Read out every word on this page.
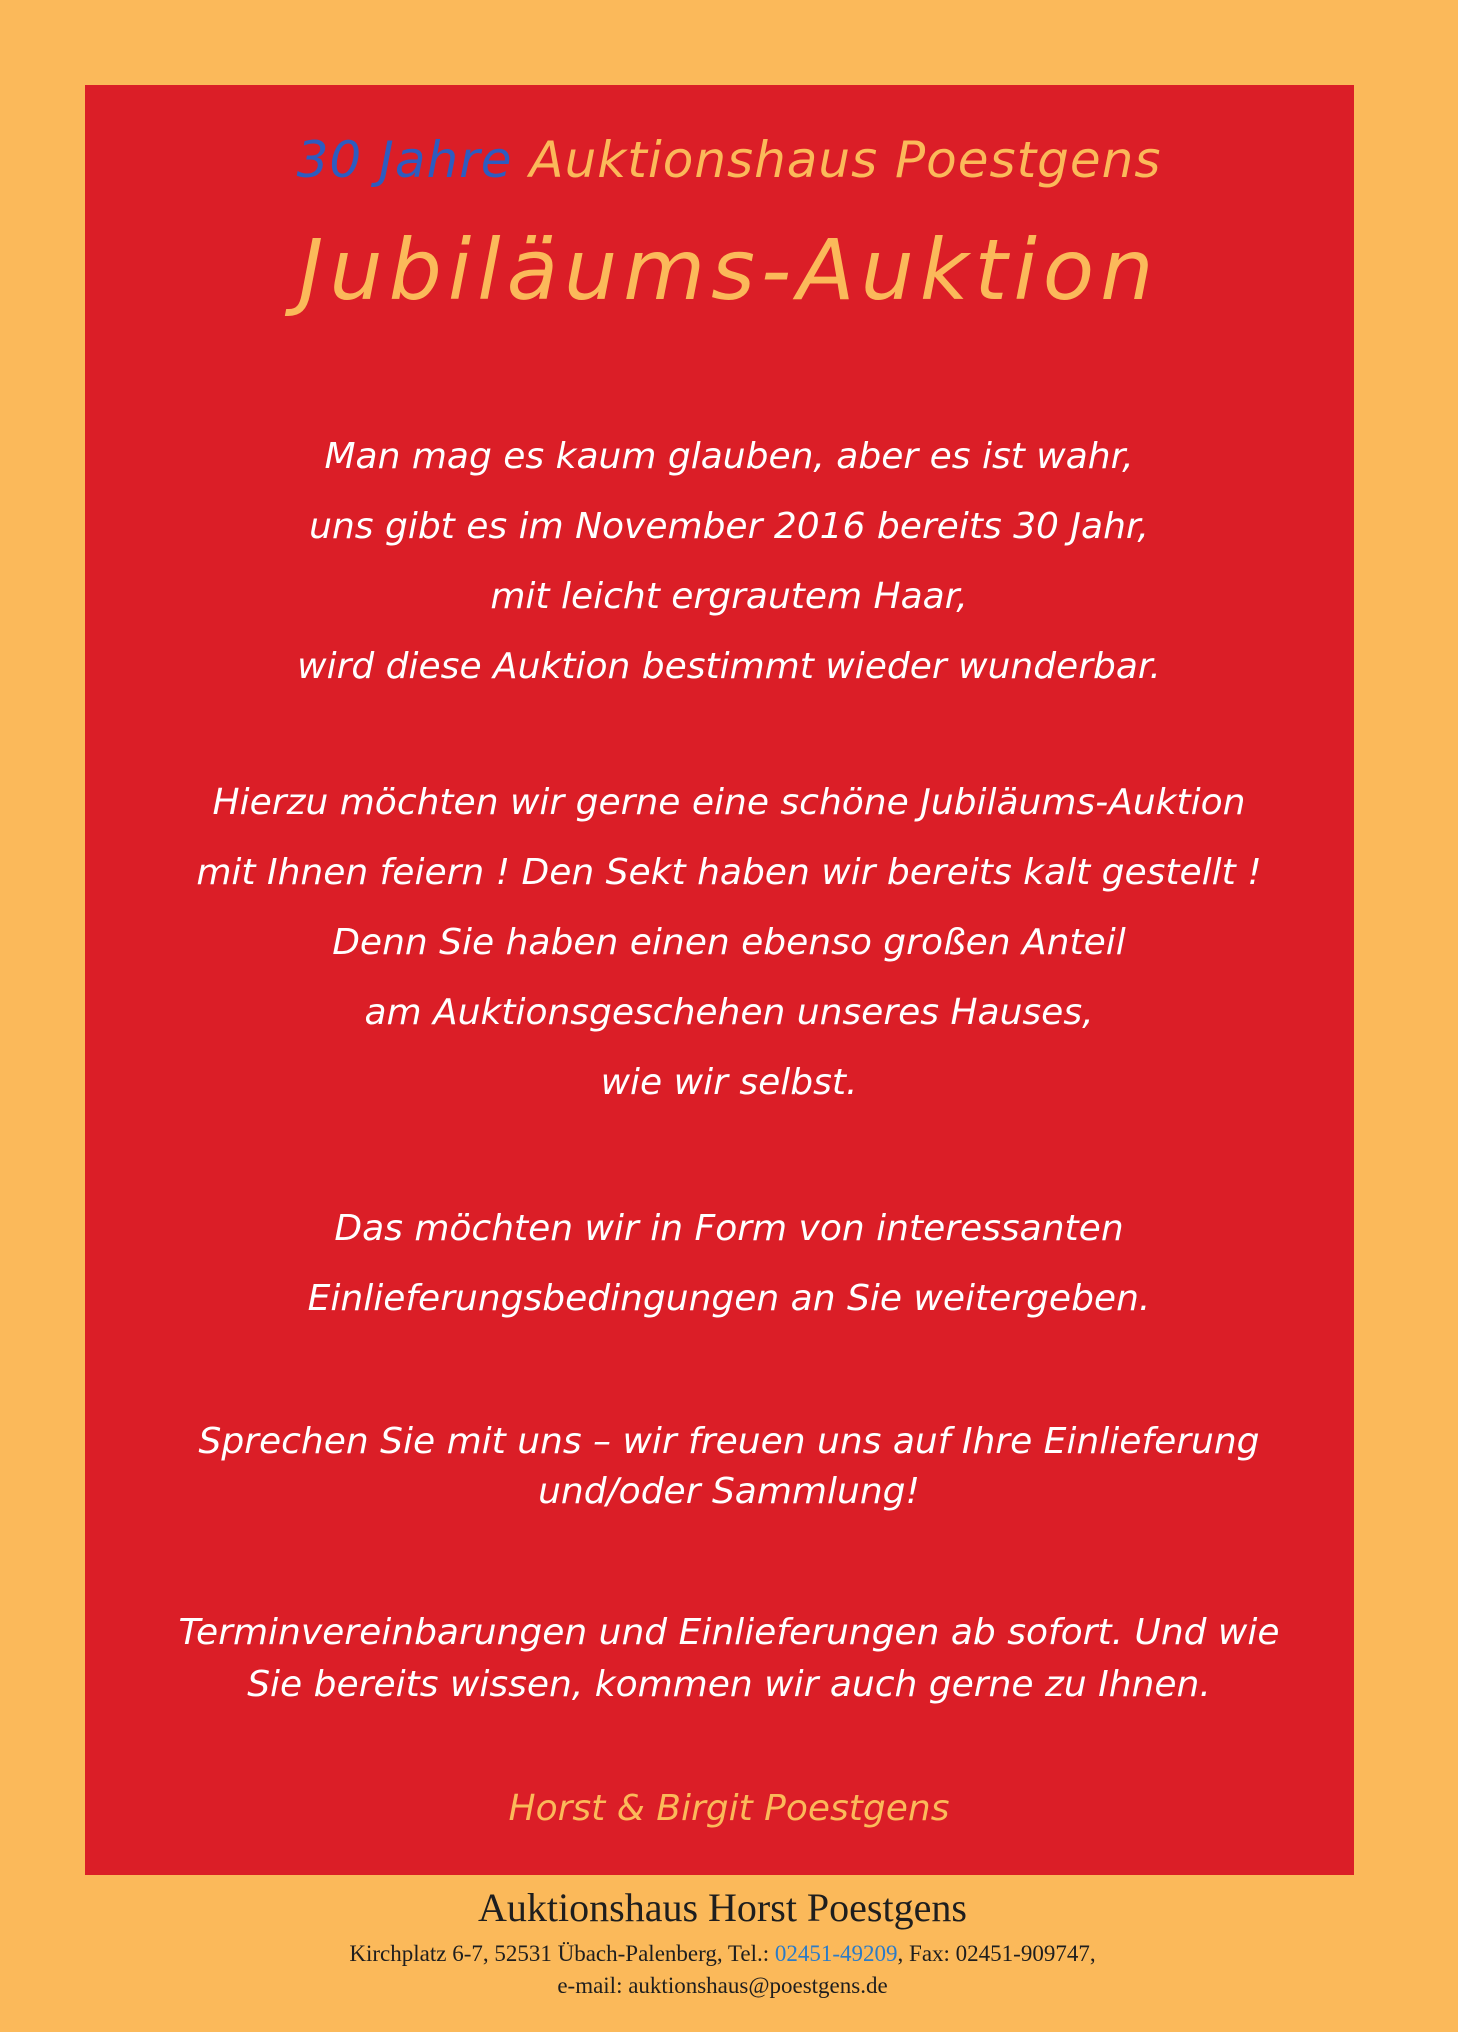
30 Jahre Auktionshaus Poestgens
Jubiläums-Auktion
Man mag es kaum glauben, aber es ist wahr,
uns gibt es im November 2016 bereits 30 Jahr,
mit leicht ergrautem Haar,
wird diese Auktion bestimmt wieder wunderbar.
Hierzu möchten wir gerne eine schöne Jubiläums-Auktion
mit Ihnen feiern ! Den Sekt haben wir bereits kalt gestellt !
Denn Sie haben einen ebenso großen Anteil
am Auktionsgeschehen unseres Hauses,
wie wir selbst.
Das möchten wir in Form von interessanten
Einlieferungsbedingungen an Sie weitergeben.
Sprechen Sie mit uns – wir freuen uns auf Ihre Einlieferung
und/oder Sammlung!
Terminvereinbarungen und Einlieferungen ab sofort. Und wie
Sie bereits wissen, kommen wir auch gerne zu Ihnen.
Horst & Birgit Poestgens
Auktionshaus Horst Poestgens
Kirchplatz 6-7, 52531 Übach-Palenberg, Tel.: 02451-49209, Fax: 02451-909747,
e-mail: auktionshaus@poestgens.de
